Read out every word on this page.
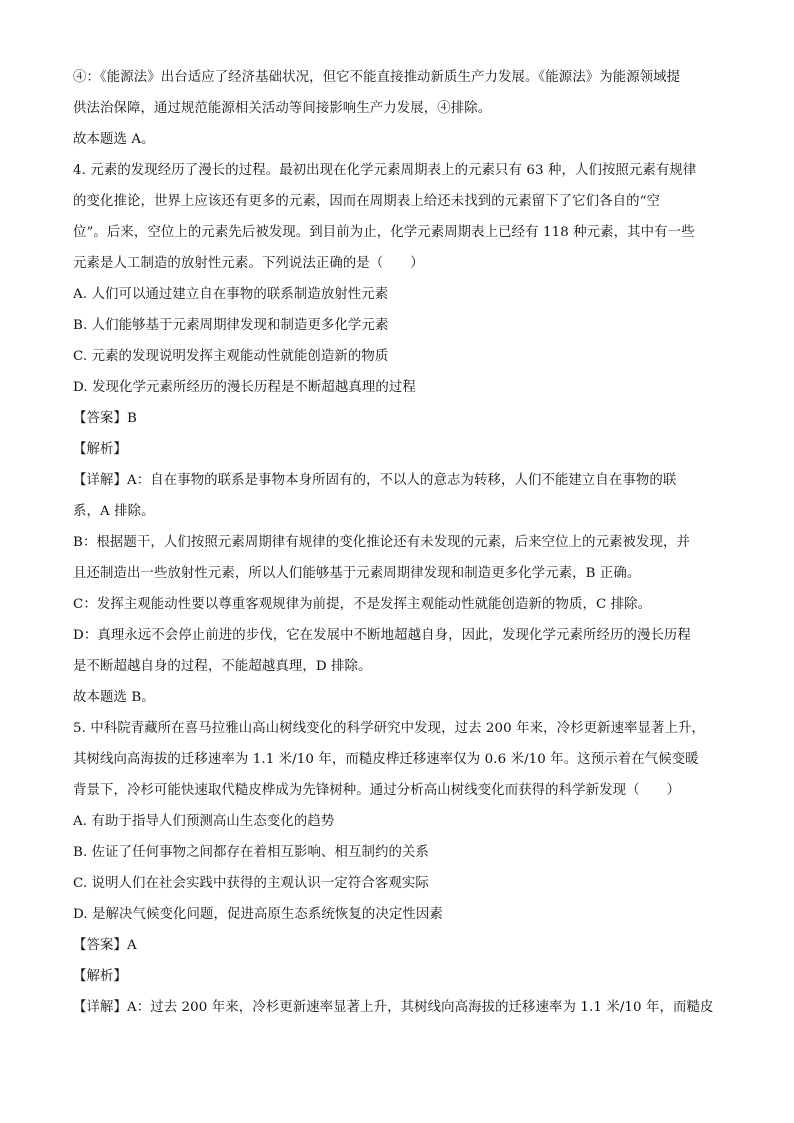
④：《能源法》出台适应了经济基础状况，但它不能直接推动新质生产力发展。《能源法》为能源领域提
供法治保障，通过规范能源相关活动等间接影响生产力发展，④排除。
故本题选 A。
4. 元素的发现经历了漫长的过程。最初出现在化学元素周期表上的元素只有 63 种，人们按照元素有规律
的变化推论，世界上应该还有更多的元素，因而在周期表上给还未找到的元素留下了它们各自的“空
位”。后来，空位上的元素先后被发现。到目前为止，化学元素周期表上已经有 118 种元素，其中有一些
元素是人工制造的放射性元素。下列说法正确的是（　　）
A. 人们可以通过建立自在事物的联系制造放射性元素
B. 人们能够基于元素周期律发现和制造更多化学元素
C. 元素的发现说明发挥主观能动性就能创造新的物质
D. 发现化学元素所经历的漫长历程是不断超越真理的过程
【答案】B
【解析】
【详解】A：自在事物的联系是事物本身所固有的，不以人的意志为转移，人们不能建立自在事物的联
系，A 排除。
B：根据题干，人们按照元素周期律有规律的变化推论还有未发现的元素，后来空位上的元素被发现，并
且还制造出一些放射性元素，所以人们能够基于元素周期律发现和制造更多化学元素，B 正确。
C：发挥主观能动性要以尊重客观规律为前提，不是发挥主观能动性就能创造新的物质，C 排除。
D：真理永远不会停止前进的步伐，它在发展中不断地超越自身，因此，发现化学元素所经历的漫长历程
是不断超越自身的过程，不能超越真理，D 排除。
故本题选 B。
5. 中科院青藏所在喜马拉雅山高山树线变化的科学研究中发现，过去 200 年来，冷杉更新速率显著上升，
其树线向高海拔的迁移速率为 1.1 米/10 年，而糙皮桦迁移速率仅为 0.6 米/10 年。这预示着在气候变暖
背景下，冷杉可能快速取代糙皮桦成为先锋树种。通过分析高山树线变化而获得的科学新发现（　　）
A. 有助于指导人们预测高山生态变化的趋势
B. 佐证了任何事物之间都存在着相互影响、相互制约的关系
C. 说明人们在社会实践中获得的主观认识一定符合客观实际
D. 是解决气候变化问题，促进高原生态系统恢复的决定性因素
【答案】A
【解析】
【详解】A：过去 200 年来，冷杉更新速率显著上升，其树线向高海拔的迁移速率为 1.1 米/10 年，而糙皮
